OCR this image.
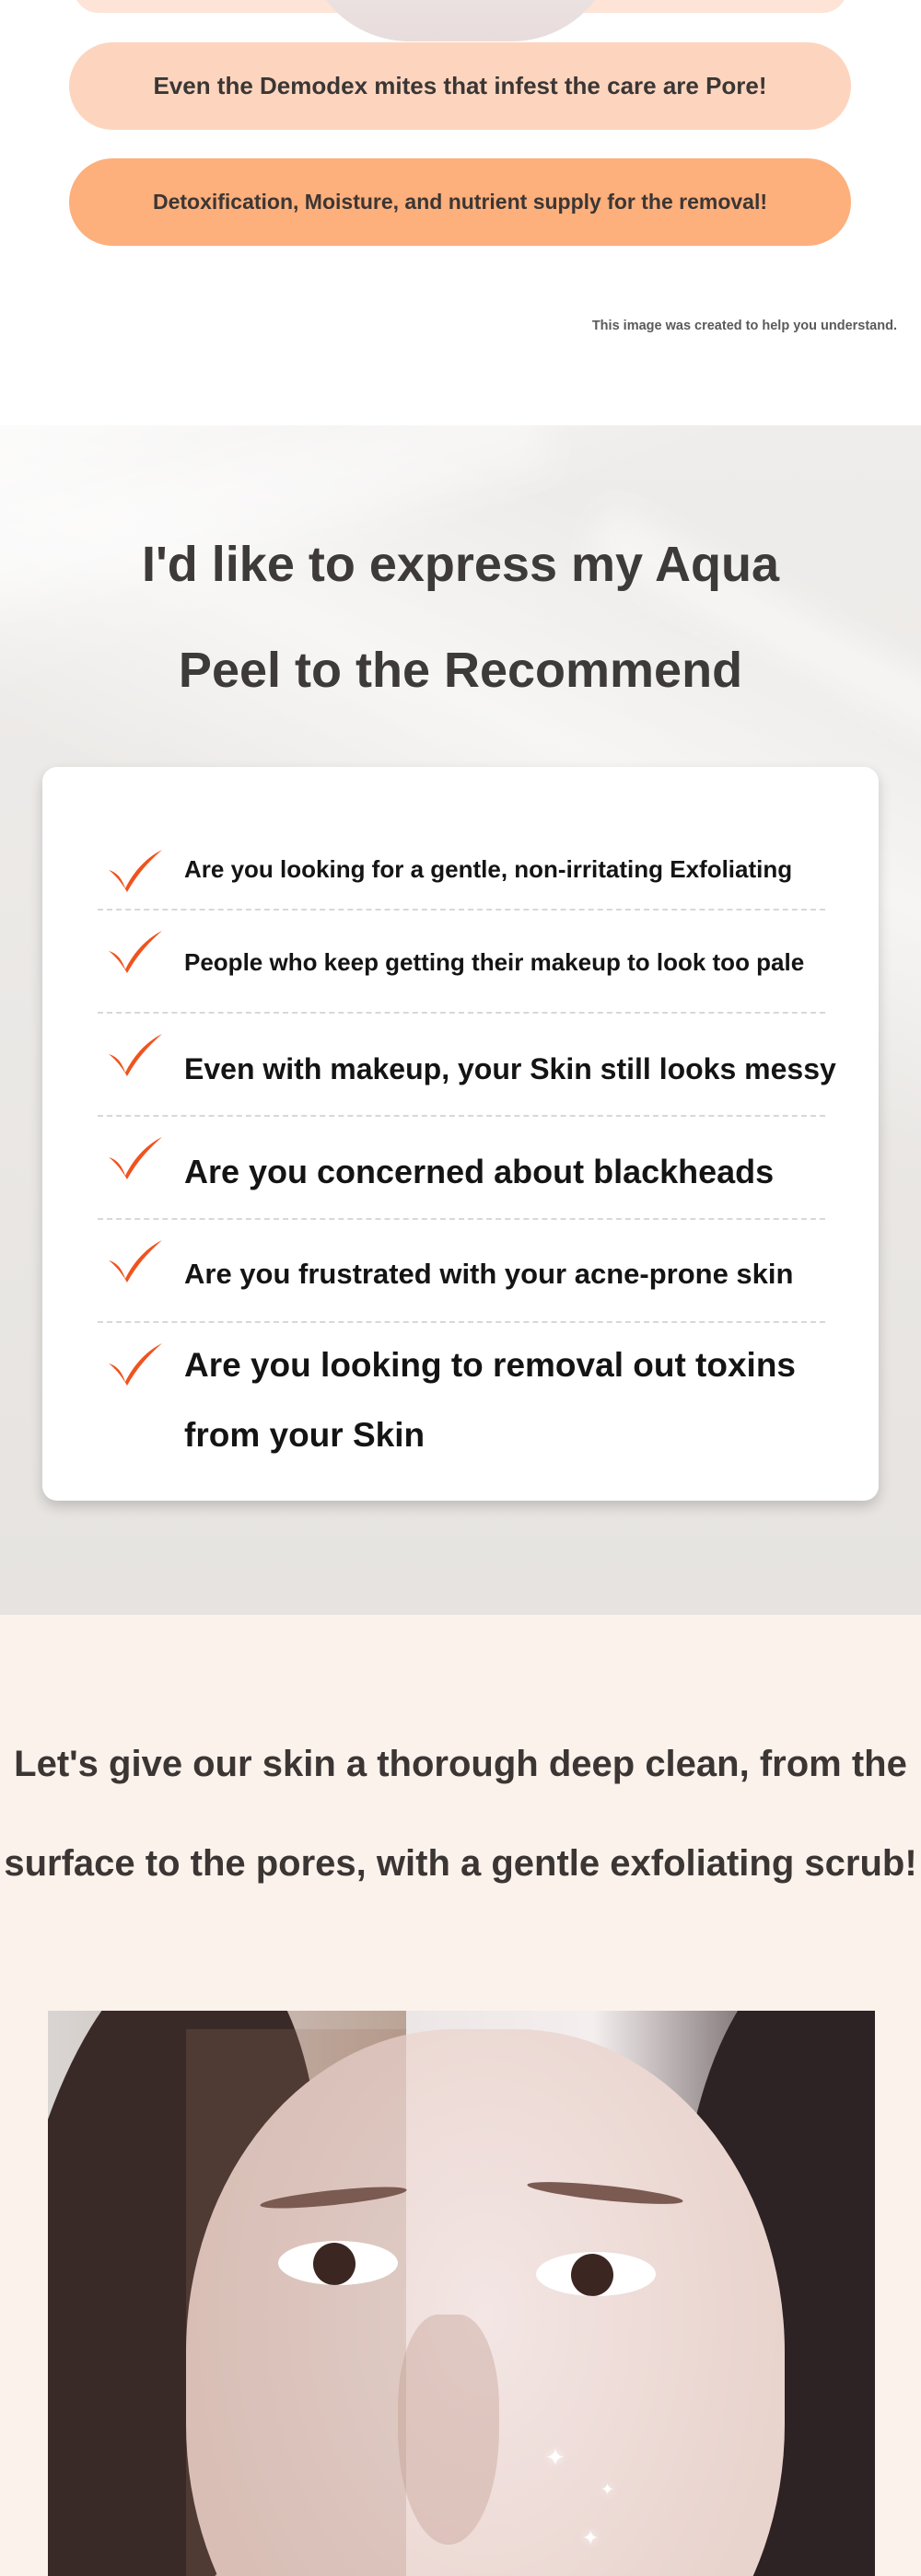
Even the Demodex mites that infest the care are Pore!
Detoxification, Moisture, and nutrient supply for the removal!
This image was created to help you understand.
I'd like to express my Aqua
Peel to the Recommend
Are you looking for a gentle, non-irritating Exfoliating
People who keep getting their makeup to look too pale
Even with makeup, your Skin still looks messy
Are you concerned about blackheads
Are you frustrated with your acne-prone skin
Are you looking to removal out toxins from your Skin
Let's give our skin a thorough deep clean, from the
surface to the pores, with a gentle exfoliating scrub!
✦
✦
✦
